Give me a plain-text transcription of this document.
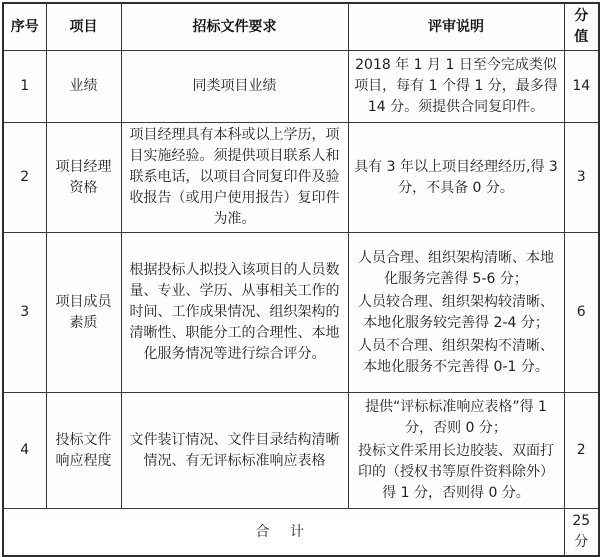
序号	项目	招标文件要求	评审说明	分值
1	业绩	同类项目业绩	2018 年 1 月 1 日至今完成类似项目，每有 1 个得 1 分，最多得 14 分。须提供合同复印件。	14
2	项目经理资格	项目经理具有本科或以上学历，项目实施经验。须提供项目联系人和联系电话，以项目合同复印件及验收报告（或用户使用报告）复印件为准。	具有 3 年以上项目经理经历,得 3 分，不具备 0 分。	3
3	项目成员素质	根据投标人拟投入该项目的人员数量、专业、学历、从事相关工作的时间、工作成果情况、组织架构的清晰性、职能分工的合理性、本地化服务情况等进行综合评分。	人员合理、组织架构清晰、本地化服务完善得 5-6 分；
人员较合理、组织架构较清晰、本地化服务较完善得 2-4 分；
人员不合理、组织架构不清晰、本地化服务不完善得 0-1 分。	6
4	投标文件响应程度	文件装订情况、文件目录结构清晰情况、有无评标标准响应表格	提供“评标标准响应表格”得 1 分，否则 0 分；
投标文件采用长边胶装、双面打印的（授权书等原件资料除外）得 1 分，否则得 0 分。	2
合 计				25 分
